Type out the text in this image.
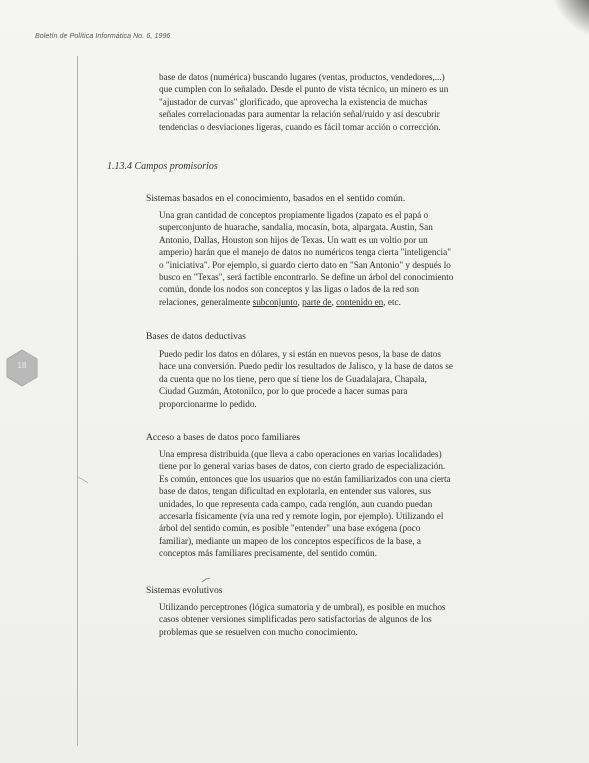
Boletín de Política Informática No. 6, 1996
18
base de datos (numérica) buscando lugares (ventas, productos, vendedores,...)
que cumplen con lo señalado. Desde el punto de vista técnico, un minero es un
"ajustador de curvas" glorificado, que aprovecha la existencia de muchas
señales correlacionadas para aumentar la relación señal/ruido y así descubrir
tendencias o desviaciones ligeras, cuando es fácil tomar acción o corrección.
1.13.4 Campos promisorios
Sistemas basados en el conocimiento, basados en el sentido común.
Una gran cantidad de conceptos propiamente ligados (zapato es el papá o
superconjunto de huarache, sandalia, mocasín, bota, alpargata. Austin, San
Antonio, Dallas, Houston son hijos de Texas. Un watt es un voltio por un
amperio) harán que el manejo de datos no numéricos tenga cierta "inteligencia"
o "iniciativa". Por ejemplo, si guardo cierto dato en "San Antonio" y después lo
busco en "Texas", será factible encontrarlo. Se define un árbol del conocimiento
común, donde los nodos son conceptos y las ligas o lados de la red son
relaciones, generalmente subconjunto, parte de, contenido en, etc.
Bases de datos deductivas
Puedo pedir los datos en dólares, y si están en nuevos pesos, la base de datos
hace una conversión. Puedo pedir los resultados de Jalisco, y la base de datos se
da cuenta que no los tiene, pero que sí tiene los de Guadalajara, Chapala,
Ciudad Guzmán, Atotonilco, por lo que procede a hacer sumas para
proporcionarme lo pedido.
Acceso a bases de datos poco familiares
Una empresa distribuida (que lleva a cabo operaciones en varias localidades)
tiene por lo general varias bases de datos, con cierto grado de especialización.
Es común, entonces que los usuarios que no están familiarizados con una cierta
base de datos, tengan dificultad en explotarla, en entender sus valores, sus
unidades, lo que representa cada campo, cada renglón, aun cuando puedan
accesarla físicamente (vía una red y remote login, por ejemplo). Utilizando el
árbol del sentido común, es posible "entender" una base exógena (poco
familiar), mediante un mapeo de los conceptos específicos de la base, a
conceptos más familiares precisamente, del sentido común.
Sistemas evolutivos
Utilizando perceptrones (lógica sumatoria y de umbral), es posible en muchos
casos obtener versiones simplificadas pero satisfactorias de algunos de los
problemas que se resuelven con mucho conocimiento.
